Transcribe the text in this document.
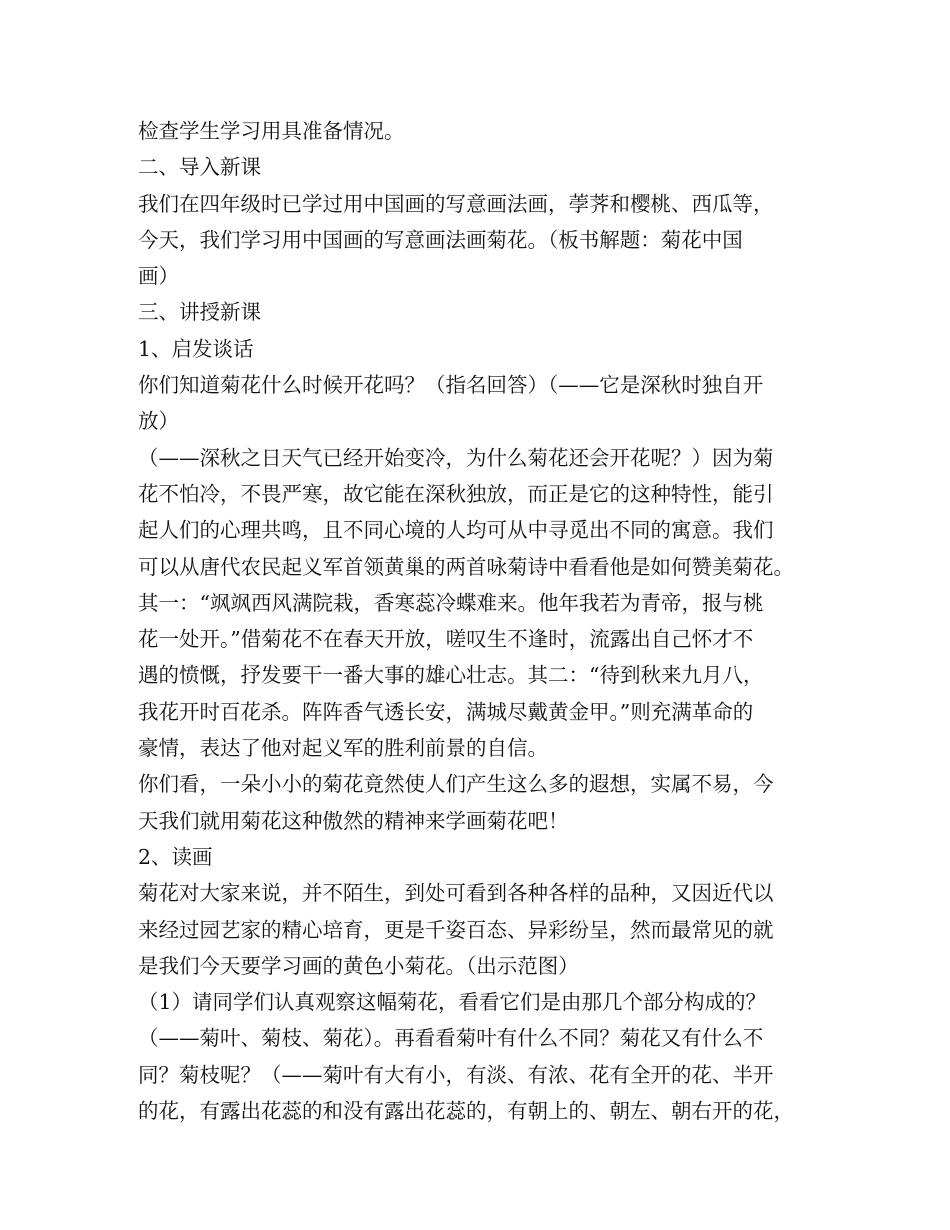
检查学生学习用具准备情况。
二、导入新课
我们在四年级时已学过用中国画的写意画法画，荸荠和樱桃、西瓜等，
今天，我们学习用中国画的写意画法画菊花。（板书解题：菊花中国
画）
三、讲授新课
1、启发谈话
你们知道菊花什么时候开花吗？（指名回答）（——它是深秋时独自开
放）
（——深秋之日天气已经开始变冷，为什么菊花还会开花呢？）因为菊
花不怕冷，不畏严寒，故它能在深秋独放，而正是它的这种特性，能引
起人们的心理共鸣，且不同心境的人均可从中寻觅出不同的寓意。我们
可以从唐代农民起义军首领黄巢的两首咏菊诗中看看他是如何赞美菊花。
其一：“飒飒西风满院栽，香寒蕊冷蝶难来。他年我若为青帝，报与桃
花一处开。”借菊花不在春天开放，嗟叹生不逢时，流露出自己怀才不
遇的愤慨，抒发要干一番大事的雄心壮志。其二：“待到秋来九月八，
我花开时百花杀。阵阵香气透长安，满城尽戴黄金甲。”则充满革命的
豪情，表达了他对起义军的胜利前景的自信。
你们看，一朵小小的菊花竟然使人们产生这么多的遐想，实属不易，今
天我们就用菊花这种傲然的精神来学画菊花吧！
2、读画
菊花对大家来说，并不陌生，到处可看到各种各样的品种，又因近代以
来经过园艺家的精心培育，更是千姿百态、异彩纷呈，然而最常见的就
是我们今天要学习画的黄色小菊花。（出示范图）
（1）请同学们认真观察这幅菊花，看看它们是由那几个部分构成的？
（——菊叶、菊枝、菊花）。再看看菊叶有什么不同？菊花又有什么不
同？菊枝呢？（——菊叶有大有小，有淡、有浓、花有全开的花、半开
的花，有露出花蕊的和没有露出花蕊的，有朝上的、朝左、朝右开的花，
